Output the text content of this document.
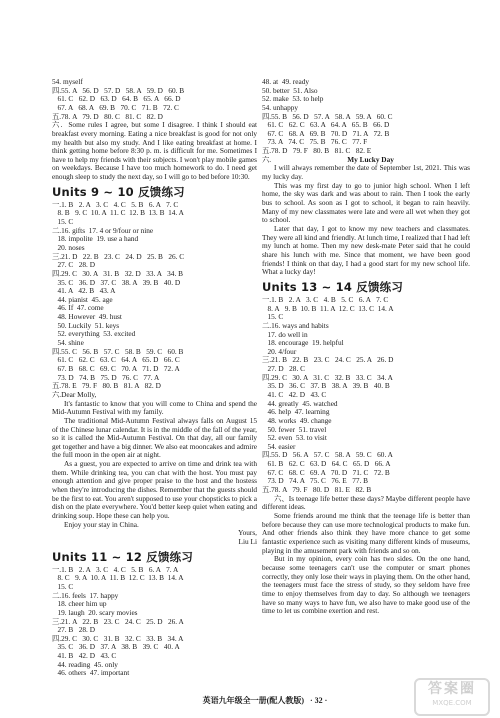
54. myself
四.55. A   56. D   57. D   58. A   59. D   60. B
61. C   62. D   63. D   64. B   65. A   66. D
67. A   68. A   69. B   70. C   71. B   72. C
五.78. A   79. D   80. C   81. C   82. D

六. Some rules I agree, but some I disagree. I think I should eat breakfast every morning. Eating a nice breakfast is good for not only my health but also my study. And I like eating breakfast at home. I think getting home before 8:30 p. m. is difficult for me. Sometimes I have to help my friends with their subjects. I won't play mobile games on weekdays. Because I have too much homework to do. I need get enough sleep to study the next day, so I will go to bed before 10:30.

Units 9 ~ 10 反馈练习
一.1. B   2. A   3. C   4. C   5. B   6. A   7. C
8. B   9. C  10. A  11. C  12. B  13. B  14. A
15. C
二.16. gifts  17. 4 or 9/four or nine
18. impolite  19. use a hand
20. noses
三.21. D   22. B   23. C   24. D   25. B   26. C
27. C   28. D
四.29. C   30. A   31. B   32. D   33. A   34. B
35. C   36. D   37. C   38. A   39. B   40. D
41. A   42. B   43. A
44. pianist  45. age
46. If  47. come
48. However  49. hust
50. Luckily  51. keys
52. everything  53. excited
54. shine
四.55. C   56. B   57. C   58. B   59. C   60. B
61. C   62. C   63. C   64. A   65. D   66. C
67. B   68. C   69. C   70. A   71. D   72. A
73. D   74. B   75. D   76. C   77. A
五.78. E   79. F   80. B   81. A   82. D
六.Dear Molly,

It's fantastic to know that you will come to China and spend the Mid-Autumn Festival with my family.

The traditional Mid-Autumn Festival always falls on August 15 of the Chinese lunar calendar. It is in the middle of the fall of the year, so it is called the Mid-Autumn Festival. On that day, all our family get together and have a big dinner. We also eat mooncakes and admire the full moon in the open air at night.

As a guest, you are expected to arrive on time and drink tea with them. While drinking tea, you can chat with the host. You must pay enough attention and give proper praise to the host and the hostess when they're introducing the dishes. Remember that the guests should be the first to eat. You aren't supposed to use your chopsticks to pick a dish on the plate everywhere. You'd better keep quiet when eating and drinking soup. Hope these can help you.

Enjoy your stay in China.

Yours,
Liu Li
Units 11 ~ 12 反馈练习
一.1. B   2. A   3. C   4. C   5. B   6. A   7. A
8. C   9. A  10. A  11. B  12. C  13. B  14. A
15. C
二.16. feels  17. happy
18. cheer him up
19. laugh  20. scary movies
三.21. A   22. B   23. C   24. C   25. D   26. A
27. B   28. D
四.29. C   30. C   31. B   32. C   33. B   34. A
35. C   36. D   37. A   38. B   39. C   40. A
41. B   42. D   43. C
44. reading  45. only
46. others  47. important
48. at  49. ready
50. better  51. Also
52. make  53. to help
54. unhappy
四.55. B   56. D   57. A   58. A   59. A   60. C
61. C   62. C   63. A   64. A   65. B   66. D
67. C   68. A   69. B   70. D   71. A   72. B
73. A   74. C   75. B   76. C   77. F
五.78. D   79. F   80. B   81. C   82. E
六.	My Lucky Day

I will always remember the date of September 1st, 2021. This was my lucky day.

This was my first day to go to junior high school. When I left home, the sky was dark and was about to rain. Then I took the early bus to school. As soon as I got to school, it began to rain heavily. Many of my new classmates were late and were all wet when they got to school.

Later that day, I got to know my new teachers and classmates. They were all kind and friendly. At lunch time, I realized that I had left my lunch at home. Then my new desk-mate Peter said that he could share his lunch with me. Since that moment, we have been good friends! I think on that day, I had a good start for my new school life. What a lucky day!

Units 13 ~ 14 反馈练习
一.1. B   2. A   3. C   4. B   5. C   6. A   7. C
8. A   9. B  10. B  11. A  12. C  13. C  14. A
15. C
二.16. ways and habits
17. do well in
18. encourage  19. helpful
20. 4/four
三.21. B   22. B   23. C   24. C   25. A   26. D
27. D   28. C
四.29. C   30. A   31. C   32. B   33. C   34. A
35. D   36. C   37. B   38. A   39. B   40. B
41. C   42. D   43. C
44. greatly  45. watched
46. help  47. learning
48. works  49. change
50. fewer  51. travel
52. even  53. to visit
54. easier
四.55. D   56. A   57. C   58. A   59. C   60. A
61. B   62. C   63. D   64. C   65. D   66. A
67. C   68. C   69. A   70. D   71. C   72. B
73. D   74. A   75. C   76. E   77. B
五.78. A   79. F   80. D   81. E   82. B

六、Is teenage life better these days? Maybe different people have different ideas.

Some friends around me think that the teenage life is better than before because they can use more technological products to make fun. And other friends also think they have more chance to get some fantastic experience such as visiting many different kinds of museums, playing in the amusement park with friends and so on.

But in my opinion, every coin has two sides. On the one hand, because some teenagers can't use the computer or smart phones correctly, they only lose their ways in playing them. On the other hand, the teenagers must face the stress of study, so they seldom have free time to enjoy themselves from day to day. So although we teenagers have so many ways to have fun, we also have to make good use of the time to let us combine exertion and rest.

英语九年级全一册(配人教版) · 32 ·
答案圈
MXQE.COM
